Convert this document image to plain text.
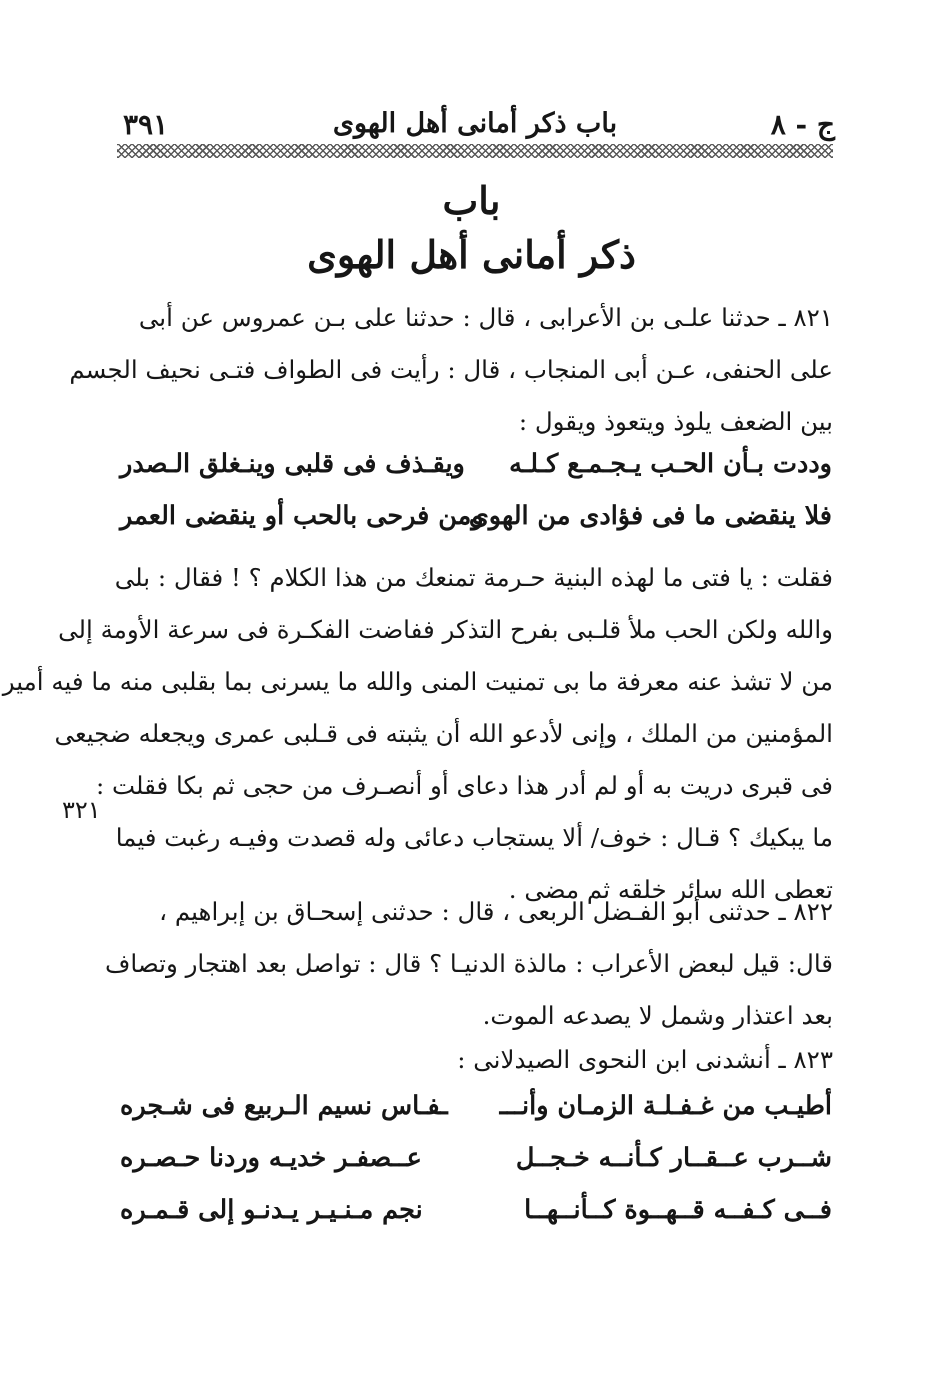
ج - ٨
باب ذكر أمانى أهل الهوى
٣٩١
باب
ذكر أمانى أهل الهوى
٨٢١ ـ حدثنا علـى بن الأعرابى ، قال : حدثنا على بـن عمروس عن أبى
على الحنفى، عـن أبى المنجاب ، قال : رأيت فى الطواف فتـى نحيف الجسم
بين الضعف يلوذ ويتعوذ ويقول :
وددت بـأن الحـب يـجـمـع كـلـه
ويقـذف فى قلبى وينـغلق الـصدر
فلا ينقضى ما فى فؤادى من الهوى
ومن فرحى بالحب أو ينقضى العمر
فقلت : يا فتى ما لهذه البنية حـرمة تمنعك من هذا الكلام ؟ ! فقال : بلى
والله ولكن الحب ملأ قلـبى بفرح التذكر ففاضت الفكـرة فى سرعة الأومة إلى
من لا تشذ عنه معرفة ما بى تمنيت المنى والله ما يسرنى بما بقلبى منه ما فيه أمير
المؤمنين من الملك ، وإنى لأدعو الله أن يثبته فى قـلبى عمرى ويجعله ضجيعى
فى قبرى دريت به أو لم أدر هذا دعاى أو أنصـرف من حجى ثم بكا فقلت :
ما يبكيك ؟ قـال : خوف/ ألا يستجاب دعائى وله قصدت وفيـه رغبت فيما
تعطى الله سائر خلقه ثم مضى .
٣٢١
٨٢٢ ـ حدثنى أبو الفـضل الربعى ، قال : حدثنى إسحـاق بن إبراهيم ،
قال: قيل لبعض الأعراب : مالذة الدنيـا ؟ قال : تواصل بعد اهتجار وتصاف
بعد اعتذار وشمل لا يصدعه الموت.
٨٢٣ ـ أنشدنى ابن النحوى الصيدلانى :
أطيـب من غـفـلـة الزمـان وأنـــ
ـفـاس نسيم الـربيع فى شـجره
شــرب عــقــار كـأنــه خـجــل
عــصفـر خديـه وردنا حـصـره
فــى كـفــه قــهــوة كــأنــهــا
نجم مـنـيـر يـدنـو إلى قـمـره
